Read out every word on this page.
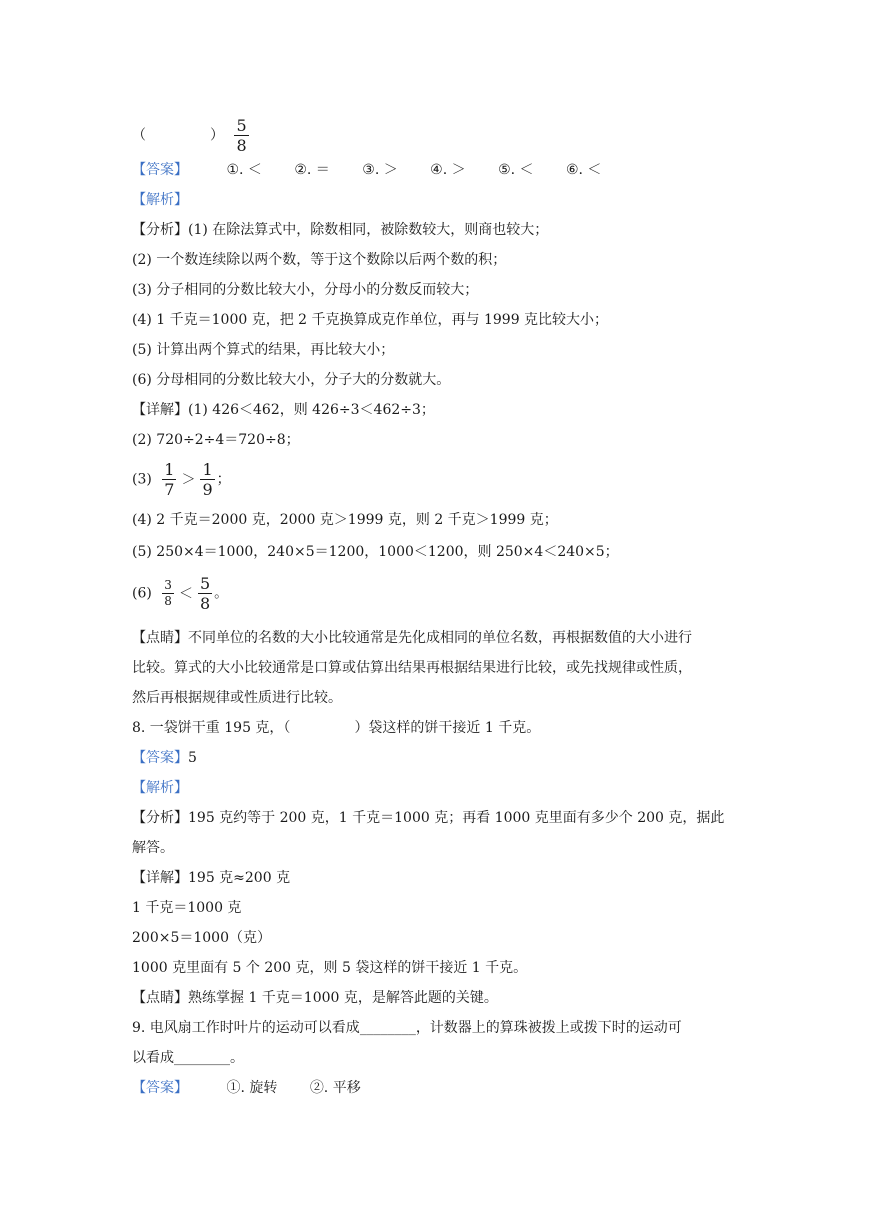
（	） $\frac{5}{8}$
【答案】	①. ＜ ②. ＝ ③. ＞ ④. ＞ ⑤. ＜ ⑥. ＜
【解析】
【分析】(1) 在除法算式中，除数相同，被除数较大，则商也较大；
(2) 一个数连续除以两个数，等于这个数除以后两个数的积；
(3) 分子相同的分数比较大小，分母小的分数反而较大；
(4) 1 千克＝1000 克，把 2 千克换算成克作单位，再与 1999 克比较大小；
(5) 计算出两个算式的结果，再比较大小；
(6) 分母相同的分数比较大小，分子大的分数就大。
【详解】(1) 426＜462，则 426÷3＜462÷3；
(2) 720÷2÷4＝720÷8；
$(3) \frac{1}{7} > \frac{1}{9}$ ；
(4) 2 千克＝2000 克，2000 克＞1999 克，则 2 千克＞1999 克；
(5) 250×4＝1000，240×5＝1200，1000＜1200，则 250×4＜240×5；
$(6) \frac{3}{8} < \frac{5}{8}$ 。
【点睛】不同单位的名数的大小比较通常是先化成相同的单位名数，再根据数值的大小进行
比较。算式的大小比较通常是口算或估算出结果再根据结果进行比较，或先找规律或性质，
然后再根据规律或性质进行比较。
8. 一袋饼干重 195 克，（	）袋这样的饼干接近 1 千克。
【答案】5
【解析】
【分析】195 克约等于 200 克，1 千克＝1000 克；再看 1000 克里面有多少个 200 克，据此
解答。
【详解】195 克≈200 克
1 千克＝1000 克
200×5＝1000（克）
1000 克里面有 5 个 200 克，则 5 袋这样的饼干接近 1 千克。
【点睛】熟练掌握 1 千克＝1000 克，是解答此题的关键。
9. 电风扇工作时叶片的运动可以看成________，计数器上的算珠被拨上或拨下时的运动可
以看成________。
【答案】	①. 旋转 ②. 平移
